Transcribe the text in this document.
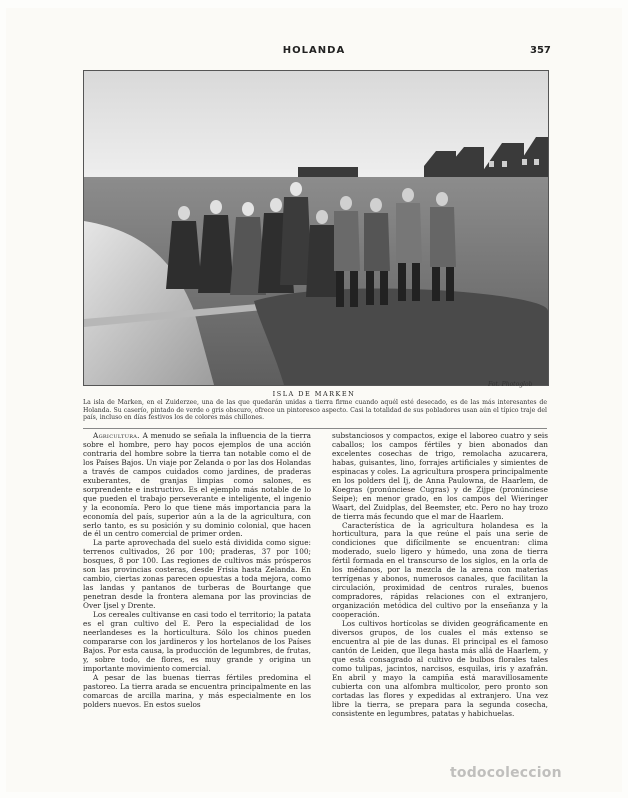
HOLANDA	357
Fot. Photoglob
ISLA DE MARKEN
La isla de Marken, en el Zuiderzee, una de las que quedarán unidas a tierra firme cuando aquél esté desecado, es de las más interesantes de Holanda. Su caserío, pintado de verde o gris obscuro, ofrece un pintoresco aspecto. Casi la totalidad de sus pobladores usan aún el típico traje del país, incluso en días festivos los de colores más chillones.

Agricultura. A menudo se señala la influencia de la tierra sobre el hombre, pero hay pocos ejemplos de una acción contraria del hombre sobre la tierra tan notable como el de los Países Bajos. Un viaje por Zelanda o por las dos Holandas a través de campos cuidados como jardines, de praderas exuberantes, de granjas limpias como salones, es sorprendente e instructivo. Es el ejemplo más notable de lo que pueden el trabajo perseverante e inteligente, el ingenio y la economía. Pero lo que tiene más importancia para la economía del país, superior aún a la de la agricultura, con serlo tanto, es su posición y su dominio colonial, que hacen de él un centro comercial de primer orden.

La parte aprovechada del suelo está dividida como sigue: terrenos cultivados, 26 por 100; praderas, 37 por 100; bosques, 8 por 100. Las regiones de cultivos más prósperos son las provincias costeras, desde Frisia hasta Zelanda. En cambio, ciertas zonas parecen opuestas a toda mejora, como las landas y pantanos de turberas de Bourtange que penetran desde la frontera alemana por las provincias de Over Ijsel y Drente.

Los cereales cultivanse en casi todo el territorio; la patata es el gran cultivo del E. Pero la especialidad de los neerlandeses es la horticultura. Sólo los chinos pueden compararse con los jardineros y los hortelanos de los Países Bajos. Por esta causa, la producción de legumbres, de frutas, y, sobre todo, de flores, es muy grande y origina un importante movimiento comercial.

A pesar de las buenas tierras fértiles predomina el pastoreo. La tierra arada se encuentra principalmente en las comarcas de arcilla marina, y más especialmente en los polders nuevos. En estos suelos

substanciosos y compactos, exige el laboreo cuatro y seis caballos; los campos fértiles y bien abonados dan excelentes cosechas de trigo, remolacha azucarera, habas, guisantes, lino, forrajes artificiales y simientes de espinacas y coles. La agricultura prospera principalmente en los polders del Ij, de Anna Paulowna, de Haarlem, de Koegras (pronúnciese Cugras) y de Zijpe (pronúnciese Seipe); en menor grado, en los campos del Wieringer Waart, del Zuidplas, del Beemster, etc. Pero no hay trozo de tierra más fecundo que el mar de Haarlem.

Característica de la agricultura holandesa es la horticultura, para la que reúne el país una serie de condiciones que difícilmente se encuentran: clima moderado, suelo ligero y húmedo, una zona de tierra fértil formada en el transcurso de los siglos, en la orla de los médanos, por la mezcla de la arena con materias terrígenas y abonos, numerosos canales, que facilitan la circulación, proximidad de centros rurales, buenos compradores, rápidas relaciones con el extranjero, organización metódica del cultivo por la enseñanza y la cooperación.

Los cultivos hortícolas se dividen geográficamente en diversos grupos, de los cuales el más extenso se encuentra al pie de las dunas. El principal es el famoso cantón de Leiden, que llega hasta más allá de Haarlem, y que está consagrado al cultivo de bulbos florales tales como tulipas, jacintos, narcisos, esquilas, iris y azafrán. En abril y mayo la campiña está maravillosamente cubierta con una alfombra multicolor, pero pronto son cortadas las flores y expedidas al extranjero. Una vez libre la tierra, se prepara para la segunda cosecha, consistente en legumbres, patatas y habichuelas.

todocoleccion
